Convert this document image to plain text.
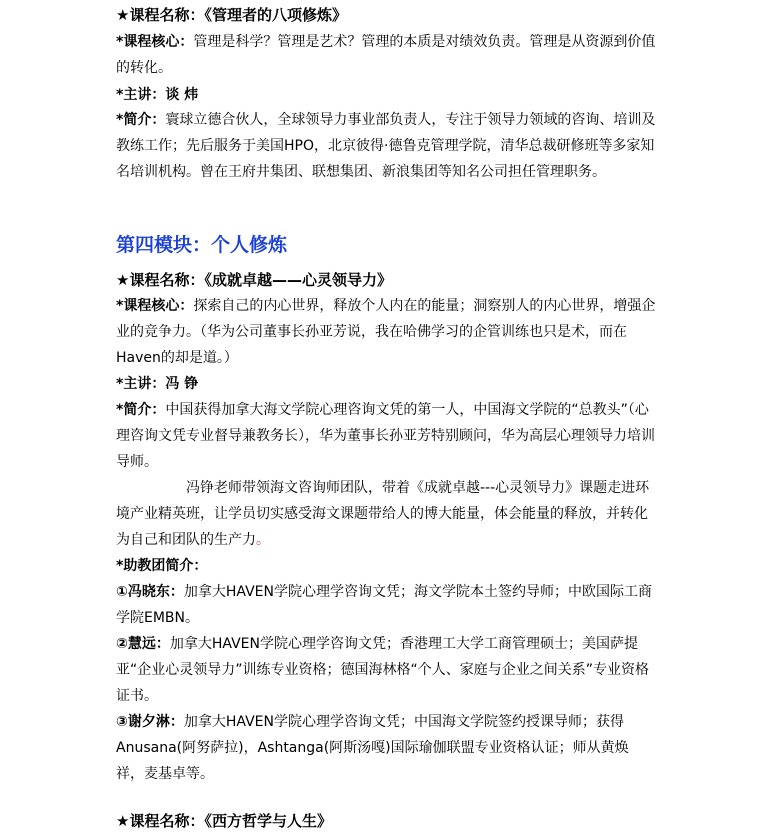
★课程名称：《管理者的八项修炼》
*课程核心：管理是科学？管理是艺术？管理的本质是对绩效负责。管理是从资源到价值的转化。
*主讲：谈 炜
*简介：寰球立德合伙人，全球领导力事业部负责人，专注于领导力领域的咨询、培训及教练工作；先后服务于美国HPO，北京彼得·德鲁克管理学院，清华总裁研修班等多家知名培训机构。曾在王府井集团、联想集团、新浪集团等知名公司担任管理职务。
第四模块：个人修炼
★课程名称：《成就卓越——心灵领导力》
*课程核心：探索自己的内心世界，释放个人内在的能量；洞察别人的内心世界，增强企业的竞争力。（华为公司董事长孙亚芳说，我在哈佛学习的企管训练也只是术，而在Haven的却是道。）
*主讲：冯 铮
*简介：中国获得加拿大海文学院心理咨询文凭的第一人，中国海文学院的“总教头”（心理咨询文凭专业督导兼教务长），华为董事长孙亚芳特别顾问，华为高层心理领导力培训导师。
冯铮老师带领海文咨询师团队，带着《成就卓越---心灵领导力》课题走进环境产业精英班，让学员切实感受海文课题带给人的博大能量，体会能量的释放，并转化为自己和团队的生产力。
*助教团简介：
①冯晓东：加拿大HAVEN学院心理学咨询文凭；海文学院本土签约导师；中欧国际工商学院EMBN。
②慧远：加拿大HAVEN学院心理学咨询文凭；香港理工大学工商管理硕士；美国萨提亚“企业心灵领导力”训练专业资格；德国海林格“个人、家庭与企业之间关系”专业资格证书。
③谢夕淋：加拿大HAVEN学院心理学咨询文凭；中国海文学院签约授课导师；获得Anusana(阿努萨拉)，Ashtanga(阿斯汤嘎)国际瑜伽联盟专业资格认证；师从黄焕祥，麦基卓等。
★课程名称：《西方哲学与人生》
